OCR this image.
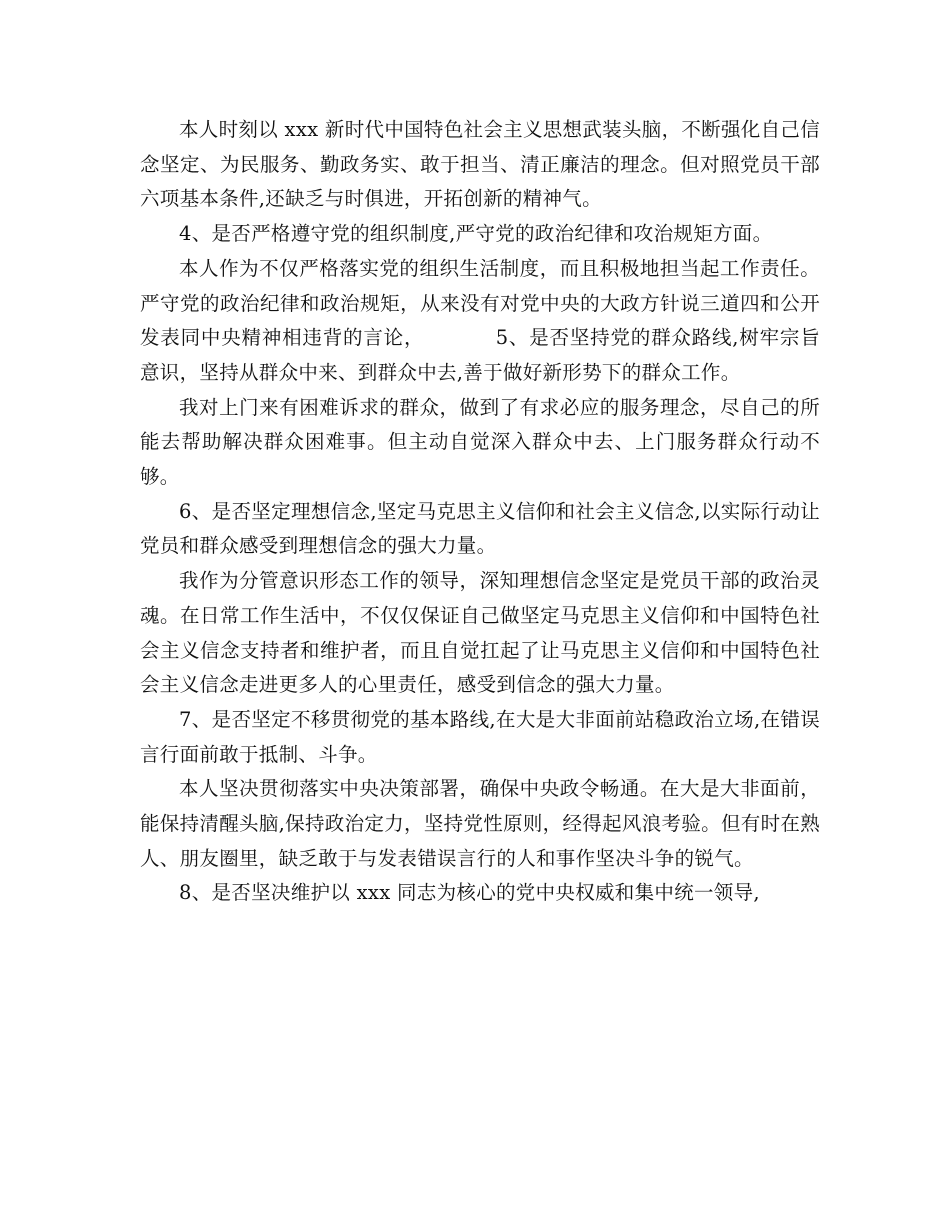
本人时刻以 xxx 新时代中国特色社会主义思想武装头脑，不断强化自己信念坚定、为民服务、勤政务实、敢于担当、清正廉洁的理念。但对照党员干部六项基本条件,还缺乏与时俱进，开拓创新的精神气。

4、是否严格遵守党的组织制度,严守党的政治纪律和攻治规矩方面。

本人作为不仅严格落实党的组织生活制度，而且积极地担当起工作责任。严守党的政治纪律和政治规矩，从来没有对党中央的大政方针说三道四和公开发表同中央精神相违背的言论，　　　　5、是否坚持党的群众路线,树牢宗旨意识，坚持从群众中来、到群众中去,善于做好新形势下的群众工作。

我对上门来有困难诉求的群众，做到了有求必应的服务理念，尽自己的所能去帮助解决群众困难事。但主动自觉深入群众中去、上门服务群众行动不够。

6、是否坚定理想信念,坚定马克思主义信仰和社会主义信念,以实际行动让党员和群众感受到理想信念的强大力量。

我作为分管意识形态工作的领导，深知理想信念坚定是党员干部的政治灵魂。在日常工作生活中，不仅仅保证自己做坚定马克思主义信仰和中国特色社会主义信念支持者和维护者，而且自觉扛起了让马克思主义信仰和中国特色社会主义信念走进更多人的心里责任，感受到信念的强大力量。

7、是否坚定不移贯彻党的基本路线,在大是大非面前站稳政治立场,在错误言行面前敢于抵制、斗争。

本人坚决贯彻落实中央决策部署，确保中央政令畅通。在大是大非面前，能保持清醒头脑,保持政治定力，坚持党性原则，经得起风浪考验。但有时在熟人、朋友圈里，缺乏敢于与发表错误言行的人和事作坚决斗争的锐气。

8、是否坚决维护以 xxx 同志为核心的党中央权威和集中统一领导,
